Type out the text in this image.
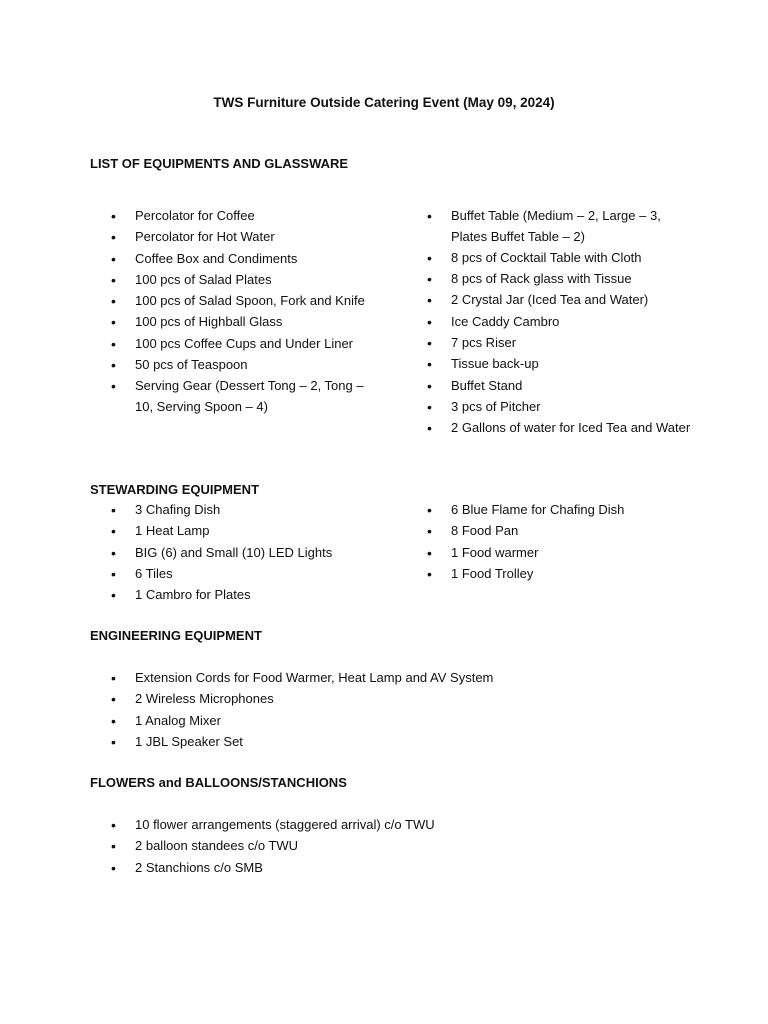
TWS Furniture Outside Catering Event (May 09, 2024)
LIST OF EQUIPMENTS AND GLASSWARE
• Percolator for Coffee
• Percolator for Hot Water
• Coffee Box and Condiments
• 100 pcs of Salad Plates
• 100 pcs of Salad Spoon, Fork and Knife
• 100 pcs of Highball Glass
• 100 pcs Coffee Cups and Under Liner
• 50 pcs of Teaspoon
• Serving Gear (Dessert Tong – 2, Tong – 10, Serving Spoon – 4)
• Buffet Table (Medium – 2, Large – 3, Plates Buffet Table – 2)
• 8 pcs of Cocktail Table with Cloth
• 8 pcs of Rack glass with Tissue
• 2 Crystal Jar (Iced Tea and Water)
• Ice Caddy Cambro
• 7 pcs Riser
• Tissue back-up
• Buffet Stand
• 3 pcs of Pitcher
• 2 Gallons of water for Iced Tea and Water
STEWARDING EQUIPMENT
• 3 Chafing Dish
• 1 Heat Lamp
• BIG (6) and Small (10) LED Lights
• 6 Tiles
• 1 Cambro for Plates
• 6 Blue Flame for Chafing Dish
• 8 Food Pan
• 1 Food warmer
• 1 Food Trolley
ENGINEERING EQUIPMENT
• Extension Cords for Food Warmer, Heat Lamp and AV System
• 2 Wireless Microphones
• 1 Analog Mixer
• 1 JBL Speaker Set
FLOWERS and BALLOONS/STANCHIONS
• 10 flower arrangements (staggered arrival) c/o TWU
• 2 balloon standees c/o TWU
• 2 Stanchions c/o SMB
